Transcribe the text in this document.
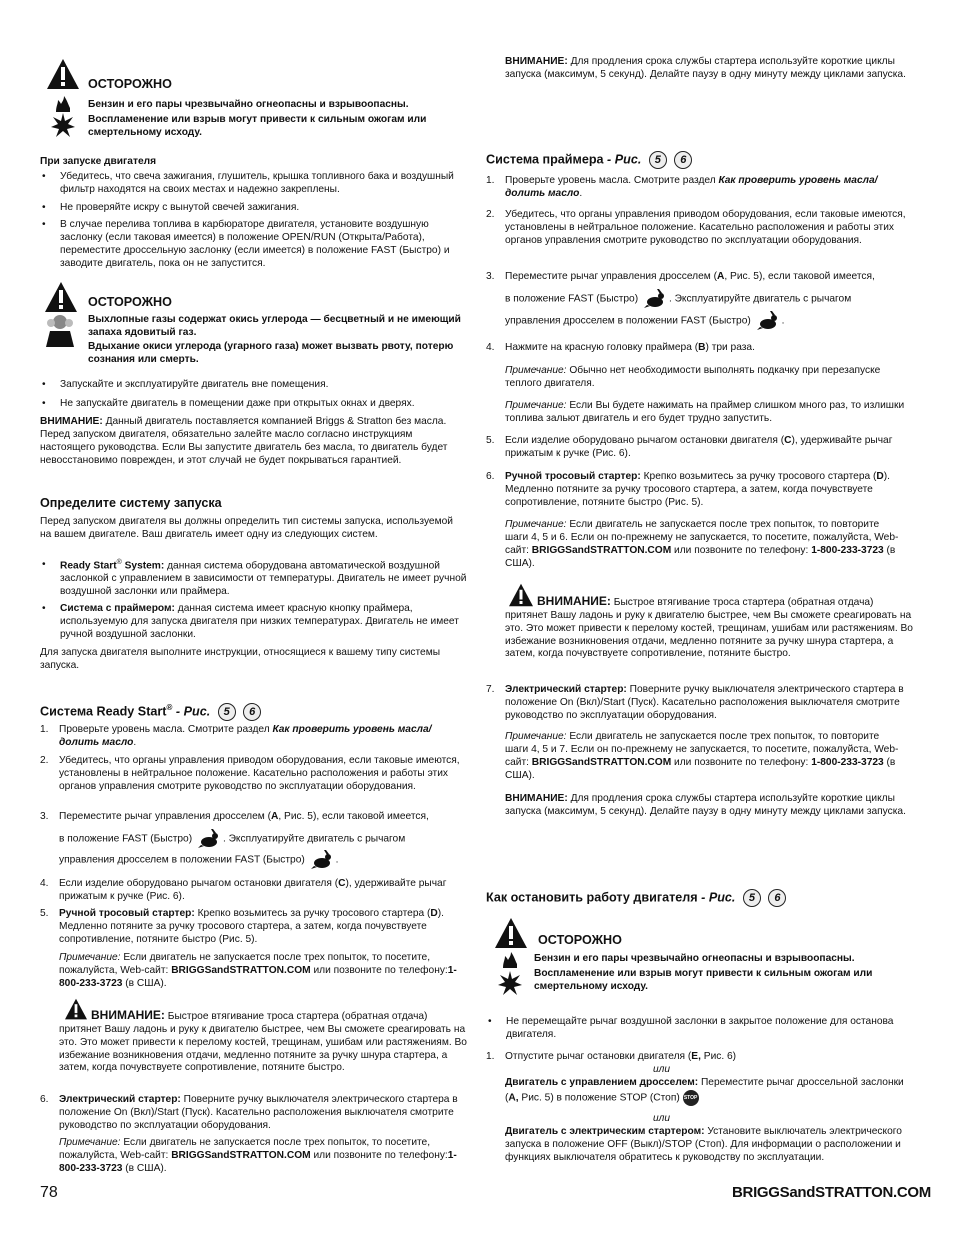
ОСТОРОЖНО
Бензин и его пары чрезвычайно огнеопасны и взрывоопасны.
Воспламенение или взрыв могут привести к сильным ожогам или смертельному исходу.
При запуске двигателя
• Убедитесь, что свеча зажигания, глушитель, крышка топливного бака и воздушный фильтр находятся на своих местах и надежно закреплены.
• Не проверяйте искру с вынутой свечей зажигания.
• В случае перелива топлива в карбюраторе двигателя, установите воздушную заслонку (если таковая имеется) в положение OPEN/RUN (Открыта/Работа), переместите дроссельную заслонку (если имеется) в положение FAST (Быстро) и заводите двигатель, пока он не запустится.
ОСТОРОЖНО
Выхлопные газы содержат окись углерода — бесцветный и не имеющий запаха ядовитый газ.
Вдыхание окиси углерода (угарного газа) может вызвать рвоту, потерю сознания или смерть.
• Запускайте и эксплуатируйте двигатель вне помещения.
• Не запускайте двигатель в помещении даже при открытых окнах и дверях.
ВНИМАНИЕ: Данный двигатель поставляется компанией Briggs & Stratton без масла. Перед запуском двигателя, обязательно залейте масло согласно инструкциям настоящего руководства. Если Вы запустите двигатель без масла, то двигатель будет невосстановимо поврежден, и этот случай не будет покрываться гарантией.
Определите систему запуска
Перед запуском двигателя вы должны определить тип системы запуска, используемой на вашем двигателе. Ваш двигатель имеет одну из следующих систем.
• Ready Start® System: данная система оборудована автоматической воздушной заслонкой с управлением в зависимости от температуры. Двигатель не имеет ручной воздушной заслонки или праймера.
• Система с праймером: данная система имеет красную кнопку праймера, используемую для запуска двигателя при низких температурах. Двигатель не имеет ручной воздушной заслонки.
Для запуска двигателя выполните инструкции, относящиеся к вашему типу системы запуска.
Система Ready Start® - Рис. 5 6
1. Проверьте уровень масла. Смотрите раздел Как проверить уровень масла/долить масло.
2. Убедитесь, что органы управления приводом оборудования, если таковые имеются, установлены в нейтральное положение. Касательно расположения и работы этих органов управления смотрите руководство по эксплуатации оборудования.
3. Переместите рычаг управления дросселем (A, Рис. 5), если таковой имеется,
в положение FAST (Быстро)	. Эксплуатируйте двигатель с рычагом
управления дросселем в положении FAST (Быстро)	.
4. Если изделие оборудовано рычагом остановки двигателя (C), удерживайте рычаг прижатым к ручке (Рис. 6).
5. Ручной тросовый стартер: Крепко возьмитесь за ручку тросового стартера (D). Медленно потяните за ручку тросового стартера, а затем, когда почувствуете сопротивление, потяните быстро (Рис. 5).
Примечание: Если двигатель не запускается после трех попыток, то посетите, пожалуйста, Web-сайт: BRIGGSandSTRATTON.COM или позвоните по телефону:1-800-233-3723 (в США).
ВНИМАНИЕ: Быстрое втягивание троса стартера (обратная отдача) притянет Вашу ладонь и руку к двигателю быстрее, чем Вы сможете среагировать на это. Это может привести к перелому костей, трещинам, ушибам или растяжениям. Во избежание возникновения отдачи, медленно потяните за ручку шнура стартера, а затем, когда почувствуете сопротивление, потяните быстро.
6. Электрический стартер: Поверните ручку выключателя электрического стартера в положение On (Вкл)/Start (Пуск). Касательно расположения выключателя смотрите руководство по эксплуатации оборудования.
Примечание: Если двигатель не запускается после трех попыток, то посетите, пожалуйста, Web-сайт: BRIGGSandSTRATTON.COM или позвоните по телефону:1-800-233-3723 (в США).
ВНИМАНИЕ: Для продления срока службы стартера используйте короткие циклы запуска (максимум, 5 секунд). Делайте паузу в одну минуту между циклами запуска.
Система праймера - Рис. 5 6
1. Проверьте уровень масла. Смотрите раздел Как проверить уровень масла/долить масло.
2. Убедитесь, что органы управления приводом оборудования, если таковые имеются, установлены в нейтральное положение. Касательно расположения и работы этих органов управления смотрите руководство по эксплуатации оборудования.
3. Переместите рычаг управления дросселем (A, Рис. 5), если таковой имеется,
в положение FAST (Быстро)	. Эксплуатируйте двигатель с рычагом
управления дросселем в положении FAST (Быстро)	.
4. Нажмите на красную головку праймера (B) три раза.
Примечание: Обычно нет необходимости выполнять подкачку при перезапуске теплого двигателя.
Примечание: Если Вы будете нажимать на праймер слишком много раз, то излишки топлива зальют двигатель и его будет трудно запустить.
5. Если изделие оборудовано рычагом остановки двигателя (C), удерживайте рычаг прижатым к ручке (Рис. 6).
6. Ручной тросовый стартер: Крепко возьмитесь за ручку тросового стартера (D). Медленно потяните за ручку тросового стартера, а затем, когда почувствуете сопротивление, потяните быстро (Рис. 5).
Примечание: Если двигатель не запускается после трех попыток, то повторите шаги 4, 5 и 6. Если он по-прежнему не запускается, то посетите, пожалуйста, Web-сайт: BRIGGSandSTRATTON.COM или позвоните по телефону: 1-800-233-3723 (в США).
ВНИМАНИЕ: Быстрое втягивание троса стартера (обратная отдача) притянет Вашу ладонь и руку к двигателю быстрее, чем Вы сможете среагировать на это. Это может привести к перелому костей, трещинам, ушибам или растяжениям. Во избежание возникновения отдачи, медленно потяните за ручку шнура стартера, а затем, когда почувствуете сопротивление, потяните быстро.
7. Электрический стартер: Поверните ручку выключателя электрического стартера в положение On (Вкл)/Start (Пуск). Касательно расположения выключателя смотрите руководство по эксплуатации оборудования.
Примечание: Если двигатель не запускается после трех попыток, то повторите шаги 4, 5 и 7. Если он по-прежнему не запускается, то посетите, пожалуйста, Web-сайт: BRIGGSandSTRATTON.COM или позвоните по телефону: 1-800-233-3723 (в США).
ВНИМАНИЕ: Для продления срока службы стартера используйте короткие циклы запуска (максимум, 5 секунд). Делайте паузу в одну минуту между циклами запуска.
Как остановить работу двигателя - Рис. 5 6
ОСТОРОЖНО
Бензин и его пары чрезвычайно огнеопасны и взрывоопасны.
Воспламенение или взрыв могут привести к сильным ожогам или смертельному исходу.
• Не перемещайте рычаг воздушной заслонки в закрытое положение для останова двигателя.
1. Отпустите рычаг остановки двигателя (E, Рис. 6)
или
Двигатель с управлением дросселем: Переместите рычаг дроссельной заслонки (A, Рис. 5) в положение STOP (Стоп) STOP
или
Двигатель с электрическим стартером: Установите выключатель электрического запуска в положение OFF (Выкл)/STOP (Стоп). Для информации о расположении и функциях выключателя обратитесь к руководству по эксплуатации.
78	BRIGGSandSTRATTON.COM
